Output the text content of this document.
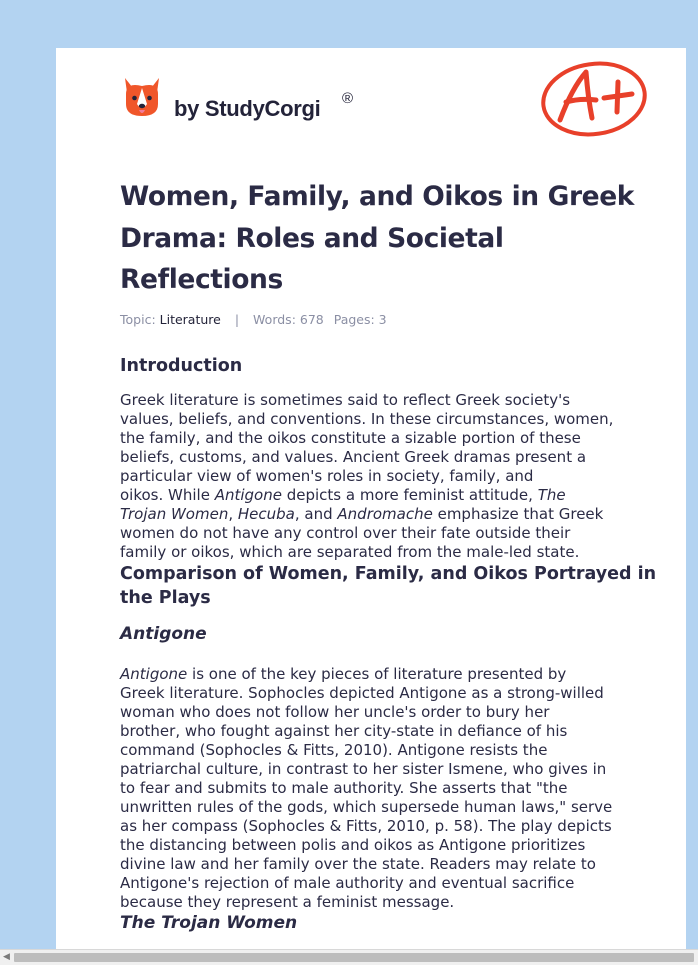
by StudyCorgi ®
Women, Family, and Oikos in Greek Drama: Roles and Societal Reflections
Topic: Literature | Words: 678 Pages: 3
Introduction
Greek literature is sometimes said to reflect Greek society's
values, beliefs, and conventions. In these circumstances, women,
the family, and the oikos constitute a sizable portion of these
beliefs, customs, and values. Ancient Greek dramas present a
particular view of women's roles in society, family, and
oikos. While Antigone depicts a more feminist attitude, The
Trojan Women, Hecuba, and Andromache emphasize that Greek
women do not have any control over their fate outside their
family or oikos, which are separated from the male-led state.
Comparison of Women, Family, and Oikos Portrayed in
the Plays
Antigone
Antigone is one of the key pieces of literature presented by
Greek literature. Sophocles depicted Antigone as a strong-willed
woman who does not follow her uncle's order to bury her
brother, who fought against her city-state in defiance of his
command (Sophocles & Fitts, 2010). Antigone resists the
patriarchal culture, in contrast to her sister Ismene, who gives in
to fear and submits to male authority. She asserts that "the
unwritten rules of the gods, which supersede human laws," serve
as her compass (Sophocles & Fitts, 2010, p. 58). The play depicts
the distancing between polis and oikos as Antigone prioritizes
divine law and her family over the state. Readers may relate to
Antigone's rejection of male authority and eventual sacrifice
because they represent a feminist message.
The Trojan Women
◀
